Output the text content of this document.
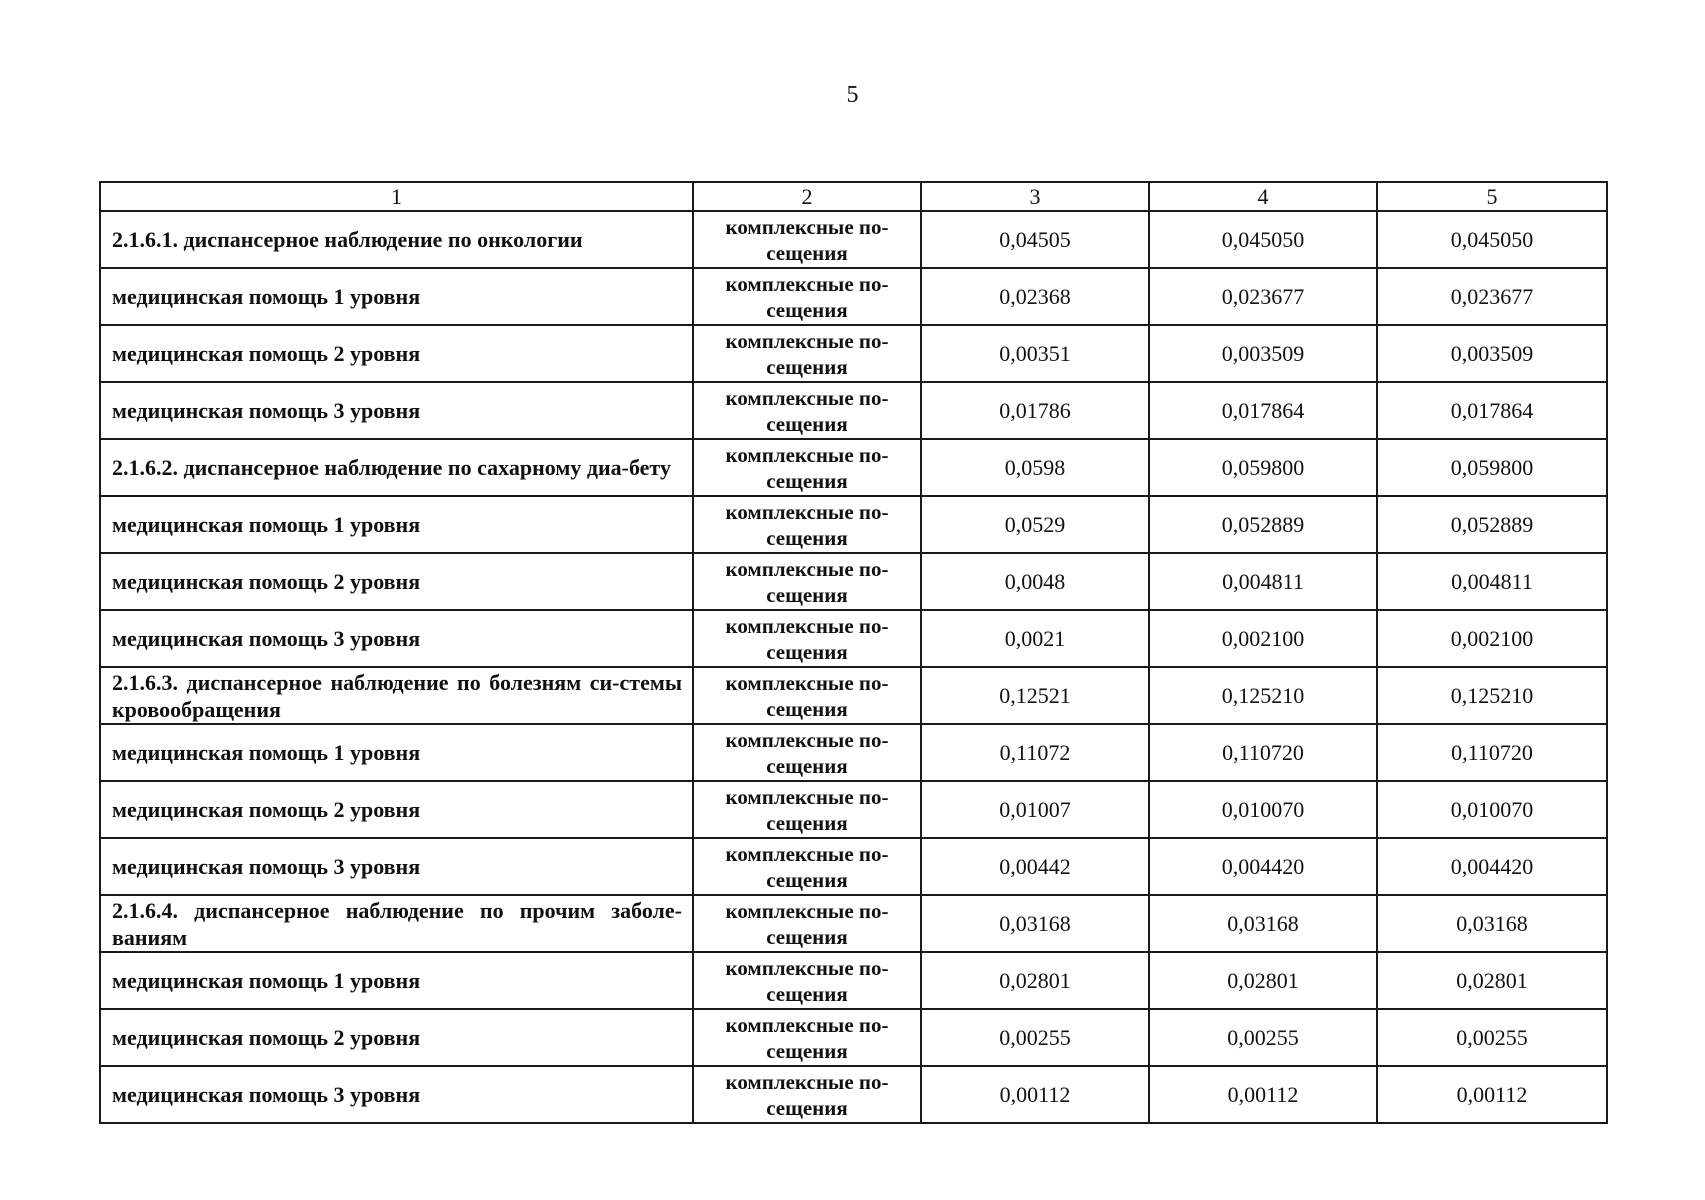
5
1	2	3	4	5
2.1.6.1. диспансерное наблюдение по онкологии	комплексные по-сещения	0,04505	0,045050	0,045050
медицинская помощь 1 уровня	комплексные по-сещения	0,02368	0,023677	0,023677
медицинская помощь 2 уровня	комплексные по-сещения	0,00351	0,003509	0,003509
медицинская помощь 3 уровня	комплексные по-сещения	0,01786	0,017864	0,017864
2.1.6.2. диспансерное наблюдение по сахарному диа-бету	комплексные по-сещения	0,0598	0,059800	0,059800
медицинская помощь 1 уровня	комплексные по-сещения	0,0529	0,052889	0,052889
медицинская помощь 2 уровня	комплексные по-сещения	0,0048	0,004811	0,004811
медицинская помощь 3 уровня	комплексные по-сещения	0,0021	0,002100	0,002100
2.1.6.3. диспансерное наблюдение по болезням си-стемы кровообращения	комплексные по-сещения	0,12521	0,125210	0,125210
медицинская помощь 1 уровня	комплексные по-сещения	0,11072	0,110720	0,110720
медицинская помощь 2 уровня	комплексные по-сещения	0,01007	0,010070	0,010070
медицинская помощь 3 уровня	комплексные по-сещения	0,00442	0,004420	0,004420
2.1.6.4. диспансерное наблюдение по прочим заболе-ваниям	комплексные по-сещения	0,03168	0,03168	0,03168
медицинская помощь 1 уровня	комплексные по-сещения	0,02801	0,02801	0,02801
медицинская помощь 2 уровня	комплексные по-сещения	0,00255	0,00255	0,00255
медицинская помощь 3 уровня	комплексные по-сещения	0,00112	0,00112	0,00112
